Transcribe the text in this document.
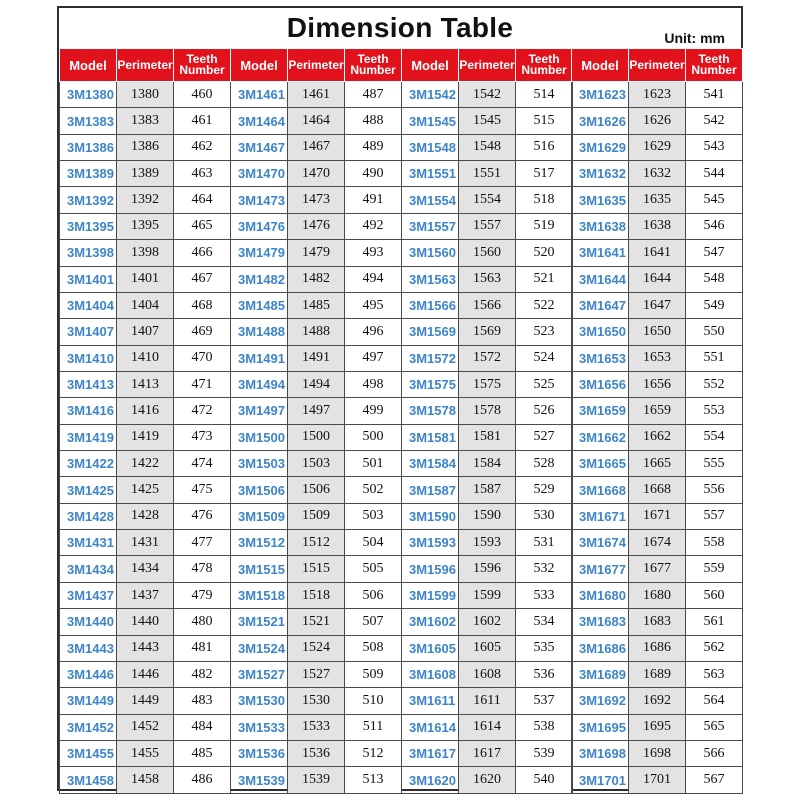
Dimension Table	Unit: mm
Model	Perimeter	Teeth
Number
3M1380	1380	460
3M1383	1383	461
3M1386	1386	462
3M1389	1389	463
3M1392	1392	464
3M1395	1395	465
3M1398	1398	466
3M1401	1401	467
3M1404	1404	468
3M1407	1407	469
3M1410	1410	470
3M1413	1413	471
3M1416	1416	472
3M1419	1419	473
3M1422	1422	474
3M1425	1425	475
3M1428	1428	476
3M1431	1431	477
3M1434	1434	478
3M1437	1437	479
3M1440	1440	480
3M1443	1443	481
3M1446	1446	482
3M1449	1449	483
3M1452	1452	484
3M1455	1455	485
3M1458	1458	486
Model	Perimeter	Teeth
Number
3M1461	1461	487
3M1464	1464	488
3M1467	1467	489
3M1470	1470	490
3M1473	1473	491
3M1476	1476	492
3M1479	1479	493
3M1482	1482	494
3M1485	1485	495
3M1488	1488	496
3M1491	1491	497
3M1494	1494	498
3M1497	1497	499
3M1500	1500	500
3M1503	1503	501
3M1506	1506	502
3M1509	1509	503
3M1512	1512	504
3M1515	1515	505
3M1518	1518	506
3M1521	1521	507
3M1524	1524	508
3M1527	1527	509
3M1530	1530	510
3M1533	1533	511
3M1536	1536	512
3M1539	1539	513
Model	Perimeter	Teeth
Number
3M1542	1542	514
3M1545	1545	515
3M1548	1548	516
3M1551	1551	517
3M1554	1554	518
3M1557	1557	519
3M1560	1560	520
3M1563	1563	521
3M1566	1566	522
3M1569	1569	523
3M1572	1572	524
3M1575	1575	525
3M1578	1578	526
3M1581	1581	527
3M1584	1584	528
3M1587	1587	529
3M1590	1590	530
3M1593	1593	531
3M1596	1596	532
3M1599	1599	533
3M1602	1602	534
3M1605	1605	535
3M1608	1608	536
3M1611	1611	537
3M1614	1614	538
3M1617	1617	539
3M1620	1620	540
Model	Perimeter	Teeth
Number
3M1623	1623	541
3M1626	1626	542
3M1629	1629	543
3M1632	1632	544
3M1635	1635	545
3M1638	1638	546
3M1641	1641	547
3M1644	1644	548
3M1647	1647	549
3M1650	1650	550
3M1653	1653	551
3M1656	1656	552
3M1659	1659	553
3M1662	1662	554
3M1665	1665	555
3M1668	1668	556
3M1671	1671	557
3M1674	1674	558
3M1677	1677	559
3M1680	1680	560
3M1683	1683	561
3M1686	1686	562
3M1689	1689	563
3M1692	1692	564
3M1695	1695	565
3M1698	1698	566
3M1701	1701	567
